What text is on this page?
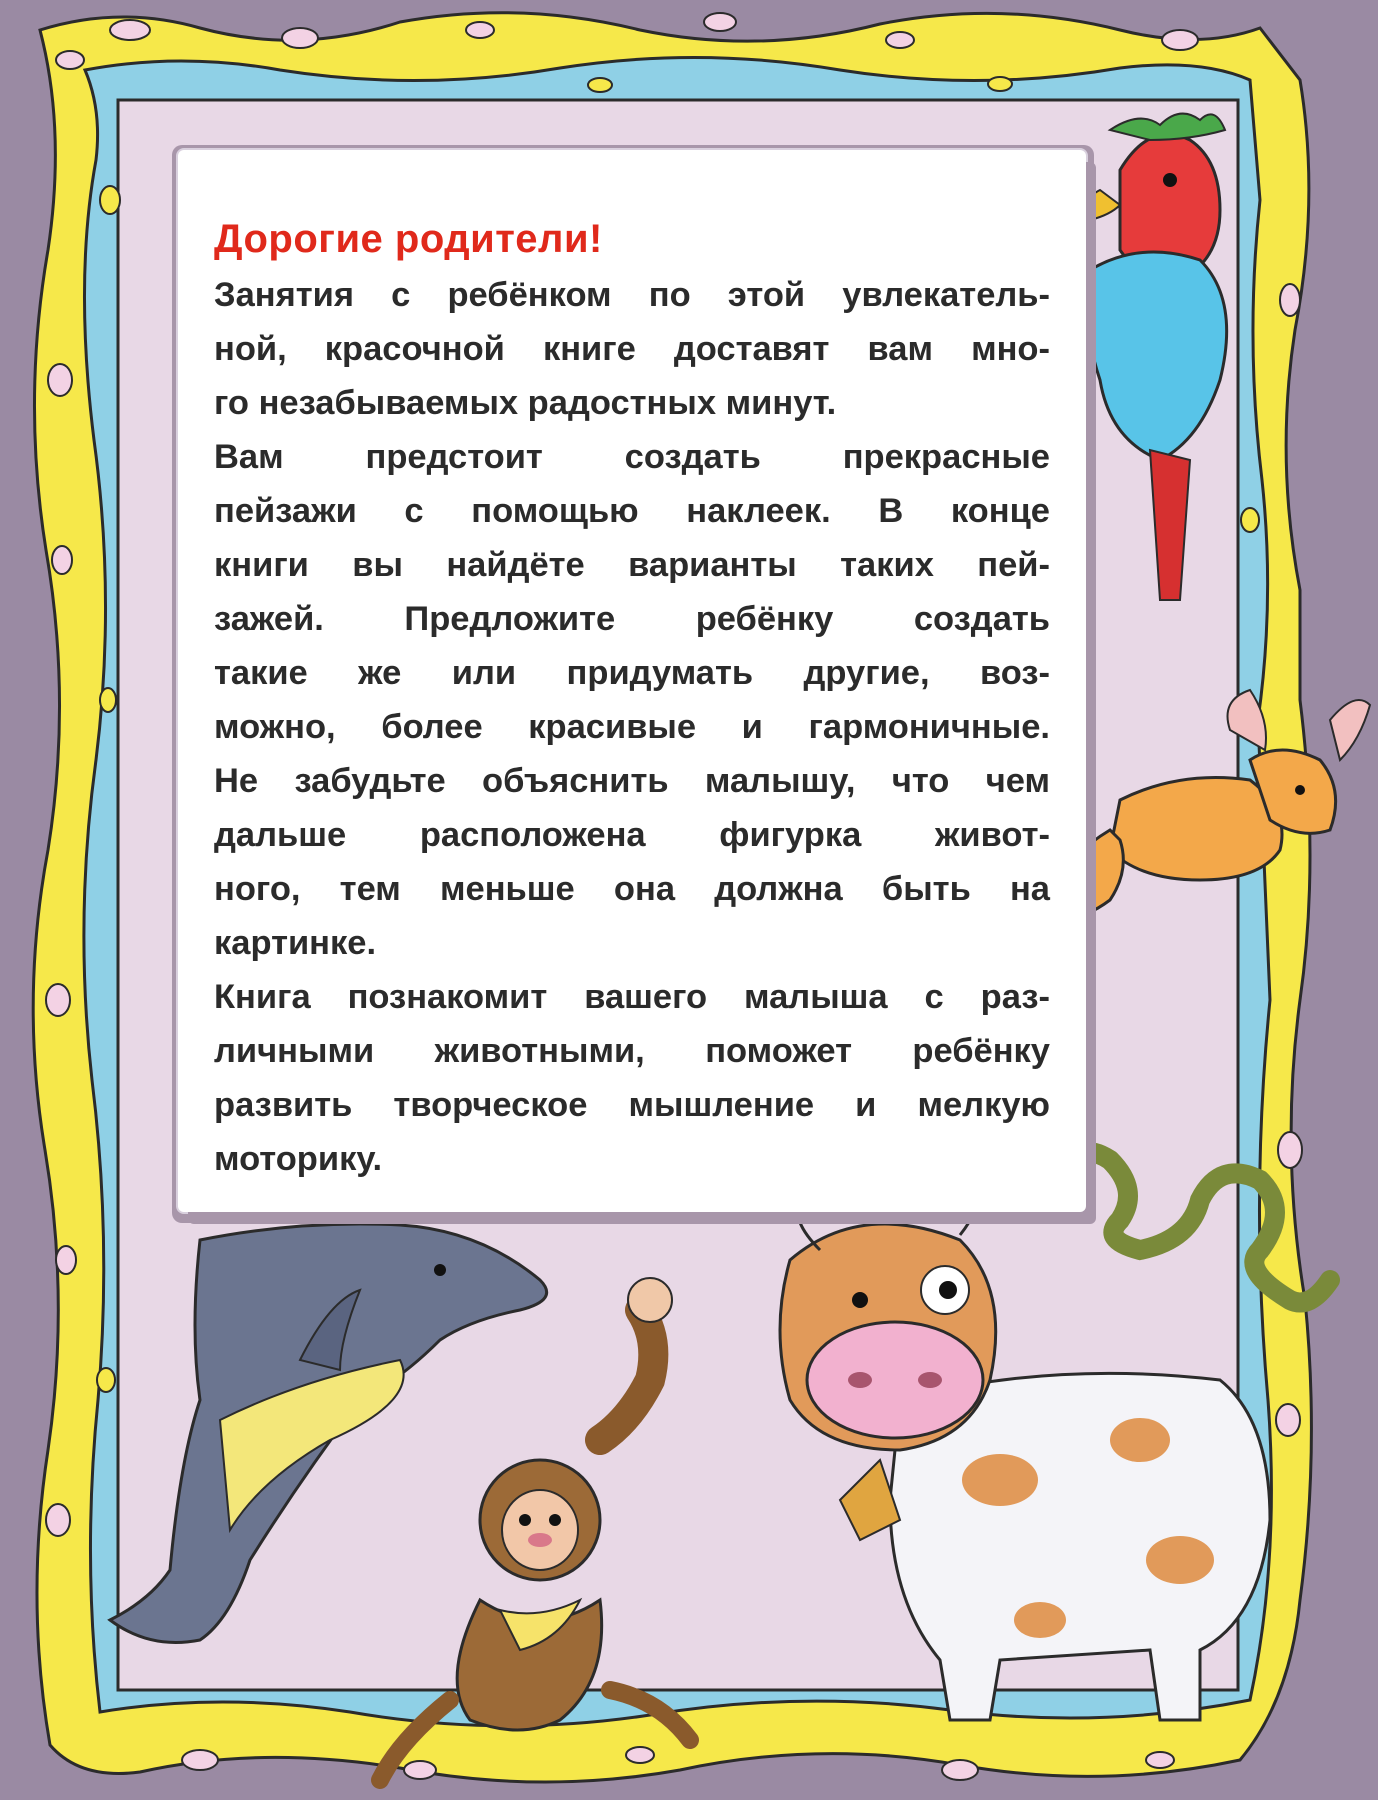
Дорогие родители!

Занятия с ребёнком по этой увлекатель-
ной, красочной книге доставят вам мно-
го незабываемых радостных минут.

Вам предстоит создать прекрасные
пейзажи с помощью наклеек. В конце
книги вы найдёте варианты таких пей-
зажей. Предложите ребёнку создать
такие же или придумать другие, воз-
можно, более красивые и гармоничные.
Не забудьте объяснить малышу, что чем
дальше расположена фигурка живот-
ного, тем меньше она должна быть на
картинке.

Книга познакомит вашего малыша с раз-
личными животными, поможет ребёнку
развить творческое мышление и мелкую
моторику.
